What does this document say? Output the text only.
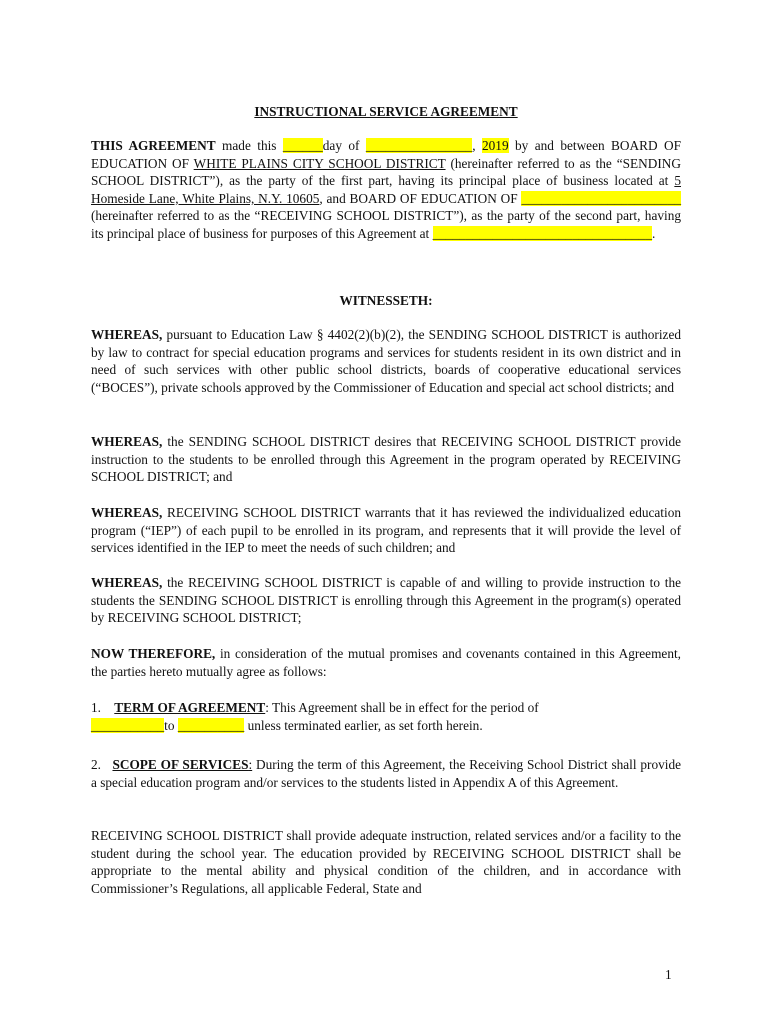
INSTRUCTIONAL SERVICE AGREEMENT

THIS AGREEMENT made this ______day of ________________, 2019 by and between BOARD OF EDUCATION OF WHITE PLAINS CITY SCHOOL DISTRICT (hereinafter referred to as the “SENDING SCHOOL DISTRICT”), as the party of the first part, having its principal place of business located at 5 Homeside Lane, White Plains, N.Y. 10605, and BOARD OF EDUCATION OF ________________________ (hereinafter referred to as the “RECEIVING SCHOOL DISTRICT”), as the party of the second part, having its principal place of business for purposes of this Agreement at _________________________________.

WITNESSETH:

WHEREAS, pursuant to Education Law § 4402(2)(b)(2), the SENDING SCHOOL DISTRICT is authorized by law to contract for special education programs and services for students resident in its own district and in need of such services with other public school districts, boards of cooperative educational services (“BOCES”), private schools approved by the Commissioner of Education and special act school districts; and

WHEREAS, the SENDING SCHOOL DISTRICT desires that RECEIVING SCHOOL DISTRICT provide instruction to the students to be enrolled through this Agreement in the program operated by RECEIVING SCHOOL DISTRICT; and

WHEREAS, RECEIVING SCHOOL DISTRICT warrants that it has reviewed the individualized education program (“IEP”) of each pupil to be enrolled in its program, and represents that it will provide the level of services identified in the IEP to meet the needs of such children; and

WHEREAS, the RECEIVING SCHOOL DISTRICT is capable of and willing to provide instruction to the students the SENDING SCHOOL DISTRICT is enrolling through this Agreement in the program(s) operated by RECEIVING SCHOOL DISTRICT;

NOW THEREFORE, in consideration of the mutual promises and covenants contained in this Agreement, the parties hereto mutually agree as follows:

1. TERM OF AGREEMENT: This Agreement shall be in effect for the period of
___________to __________ unless terminated earlier, as set forth herein.

2. SCOPE OF SERVICES: During the term of this Agreement, the Receiving School District shall provide a special education program and/or services to the students listed in Appendix A of this Agreement.

RECEIVING SCHOOL DISTRICT shall provide adequate instruction, related services and/or a facility to the student during the school year. The education provided by RECEIVING SCHOOL DISTRICT shall be appropriate to the mental ability and physical condition of the children, and in accordance with Commissioner’s Regulations, all applicable Federal, State and

1
